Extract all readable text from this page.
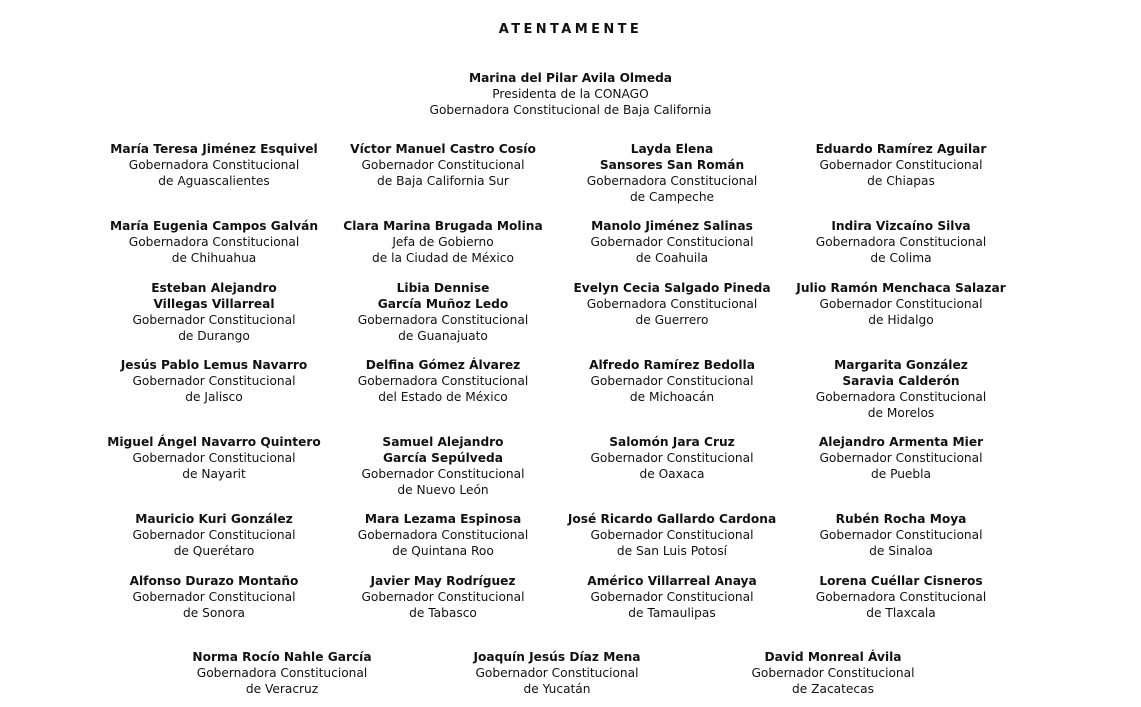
ATENTAMENTE
Marina del Pilar Avila Olmeda
Presidenta de la CONAGO
Gobernadora Constitucional de Baja California
María Teresa Jiménez Esquivel
Gobernadora Constitucional
de Aguascalientes
Víctor Manuel Castro Cosío
Gobernador Constitucional
de Baja California Sur
Layda Elena
Sansores San Román
Gobernadora Constitucional
de Campeche
Eduardo Ramírez Aguilar
Gobernador Constitucional
de Chiapas
María Eugenia Campos Galván
Gobernadora Constitucional
de Chihuahua
Clara Marina Brugada Molina
Jefa de Gobierno
de la Ciudad de México
Manolo Jiménez Salinas
Gobernador Constitucional
de Coahuila
Indira Vizcaíno Silva
Gobernadora Constitucional
de Colima
Esteban Alejandro
Villegas Villarreal
Gobernador Constitucional
de Durango
Libia Dennise
García Muñoz Ledo
Gobernadora Constitucional
de Guanajuato
Evelyn Cecia Salgado Pineda
Gobernadora Constitucional
de Guerrero
Julio Ramón Menchaca Salazar
Gobernador Constitucional
de Hidalgo
Jesús Pablo Lemus Navarro
Gobernador Constitucional
de Jalisco
Delfina Gómez Álvarez
Gobernadora Constitucional
del Estado de México
Alfredo Ramírez Bedolla
Gobernador Constitucional
de Michoacán
Margarita González
Saravia Calderón
Gobernadora Constitucional
de Morelos
Miguel Ángel Navarro Quintero
Gobernador Constitucional
de Nayarit
Samuel Alejandro
García Sepúlveda
Gobernador Constitucional
de Nuevo León
Salomón Jara Cruz
Gobernador Constitucional
de Oaxaca
Alejandro Armenta Mier
Gobernador Constitucional
de Puebla
Mauricio Kuri González
Gobernador Constitucional
de Querétaro
Mara Lezama Espinosa
Gobernadora Constitucional
de Quintana Roo
José Ricardo Gallardo Cardona
Gobernador Constitucional
de San Luis Potosí
Rubén Rocha Moya
Gobernador Constitucional
de Sinaloa
Alfonso Durazo Montaño
Gobernador Constitucional
de Sonora
Javier May Rodríguez
Gobernador Constitucional
de Tabasco
Américo Villarreal Anaya
Gobernador Constitucional
de Tamaulipas
Lorena Cuéllar Cisneros
Gobernadora Constitucional
de Tlaxcala
Norma Rocío Nahle García
Gobernadora Constitucional
de Veracruz
Joaquín Jesús Díaz Mena
Gobernador Constitucional
de Yucatán
David Monreal Ávila
Gobernador Constitucional
de Zacatecas
